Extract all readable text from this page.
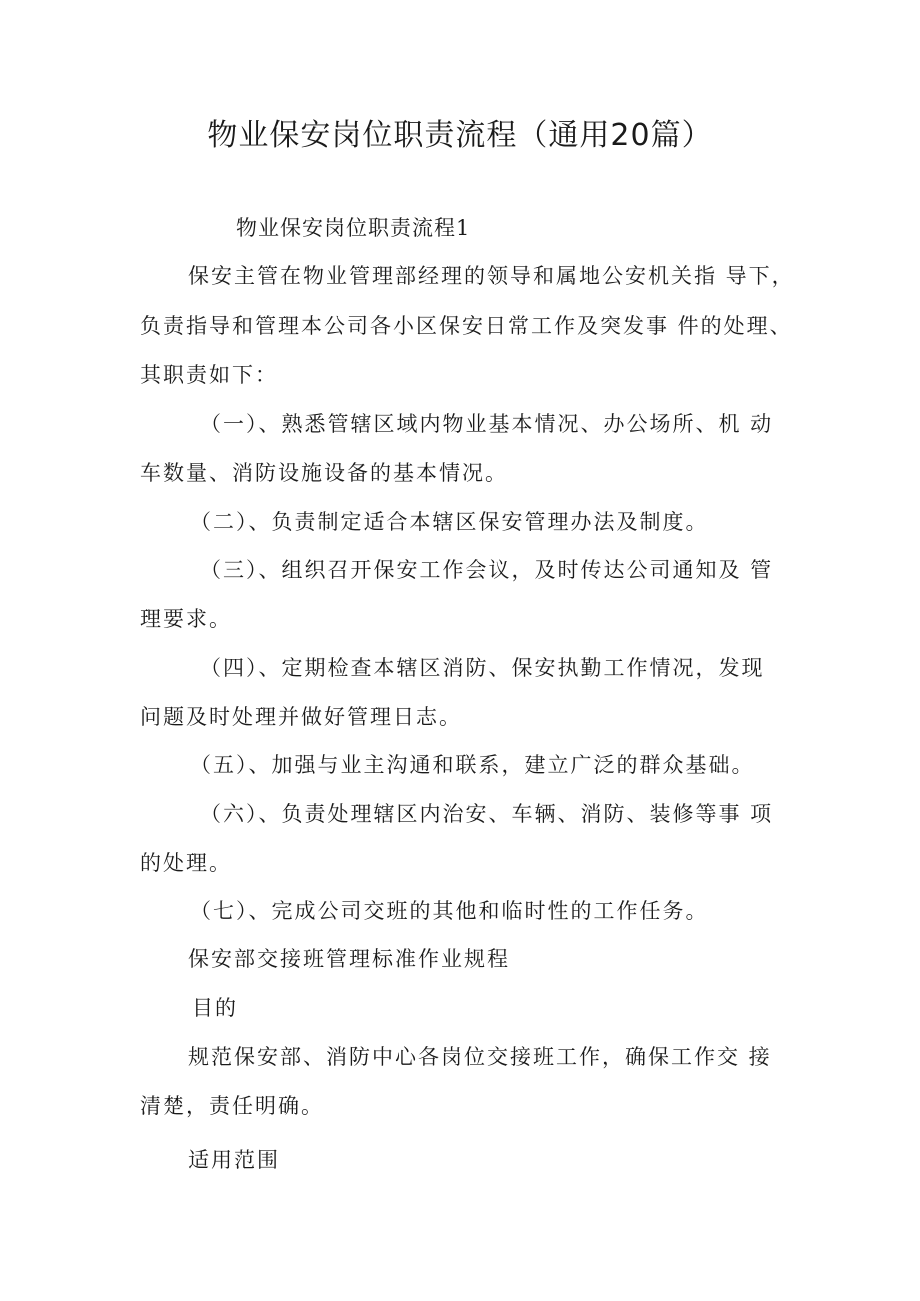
物业保安岗位职责流程（通用20篇）
物业保安岗位职责流程1
保安主管在物业管理部经理的领导和属地公安机关指 导下，
负责指导和管理本公司各小区保安日常工作及突发事 件的处理、
其职责如下：
（一）、熟悉管辖区域内物业基本情况、办公场所、机 动
车数量、消防设施设备的基本情况。
（二）、负责制定适合本辖区保安管理办法及制度。
（三）、组织召开保安工作会议，及时传达公司通知及 管
理要求。
（四）、定期检查本辖区消防、保安执勤工作情况，发现
问题及时处理并做好管理日志。
（五）、加强与业主沟通和联系，建立广泛的群众基础。
（六）、负责处理辖区内治安、车辆、消防、装修等事 项
的处理。
（七）、完成公司交班的其他和临时性的工作任务。
保安部交接班管理标准作业规程
目的
规范保安部、消防中心各岗位交接班工作，确保工作交 接
清楚，责任明确。
适用范围
